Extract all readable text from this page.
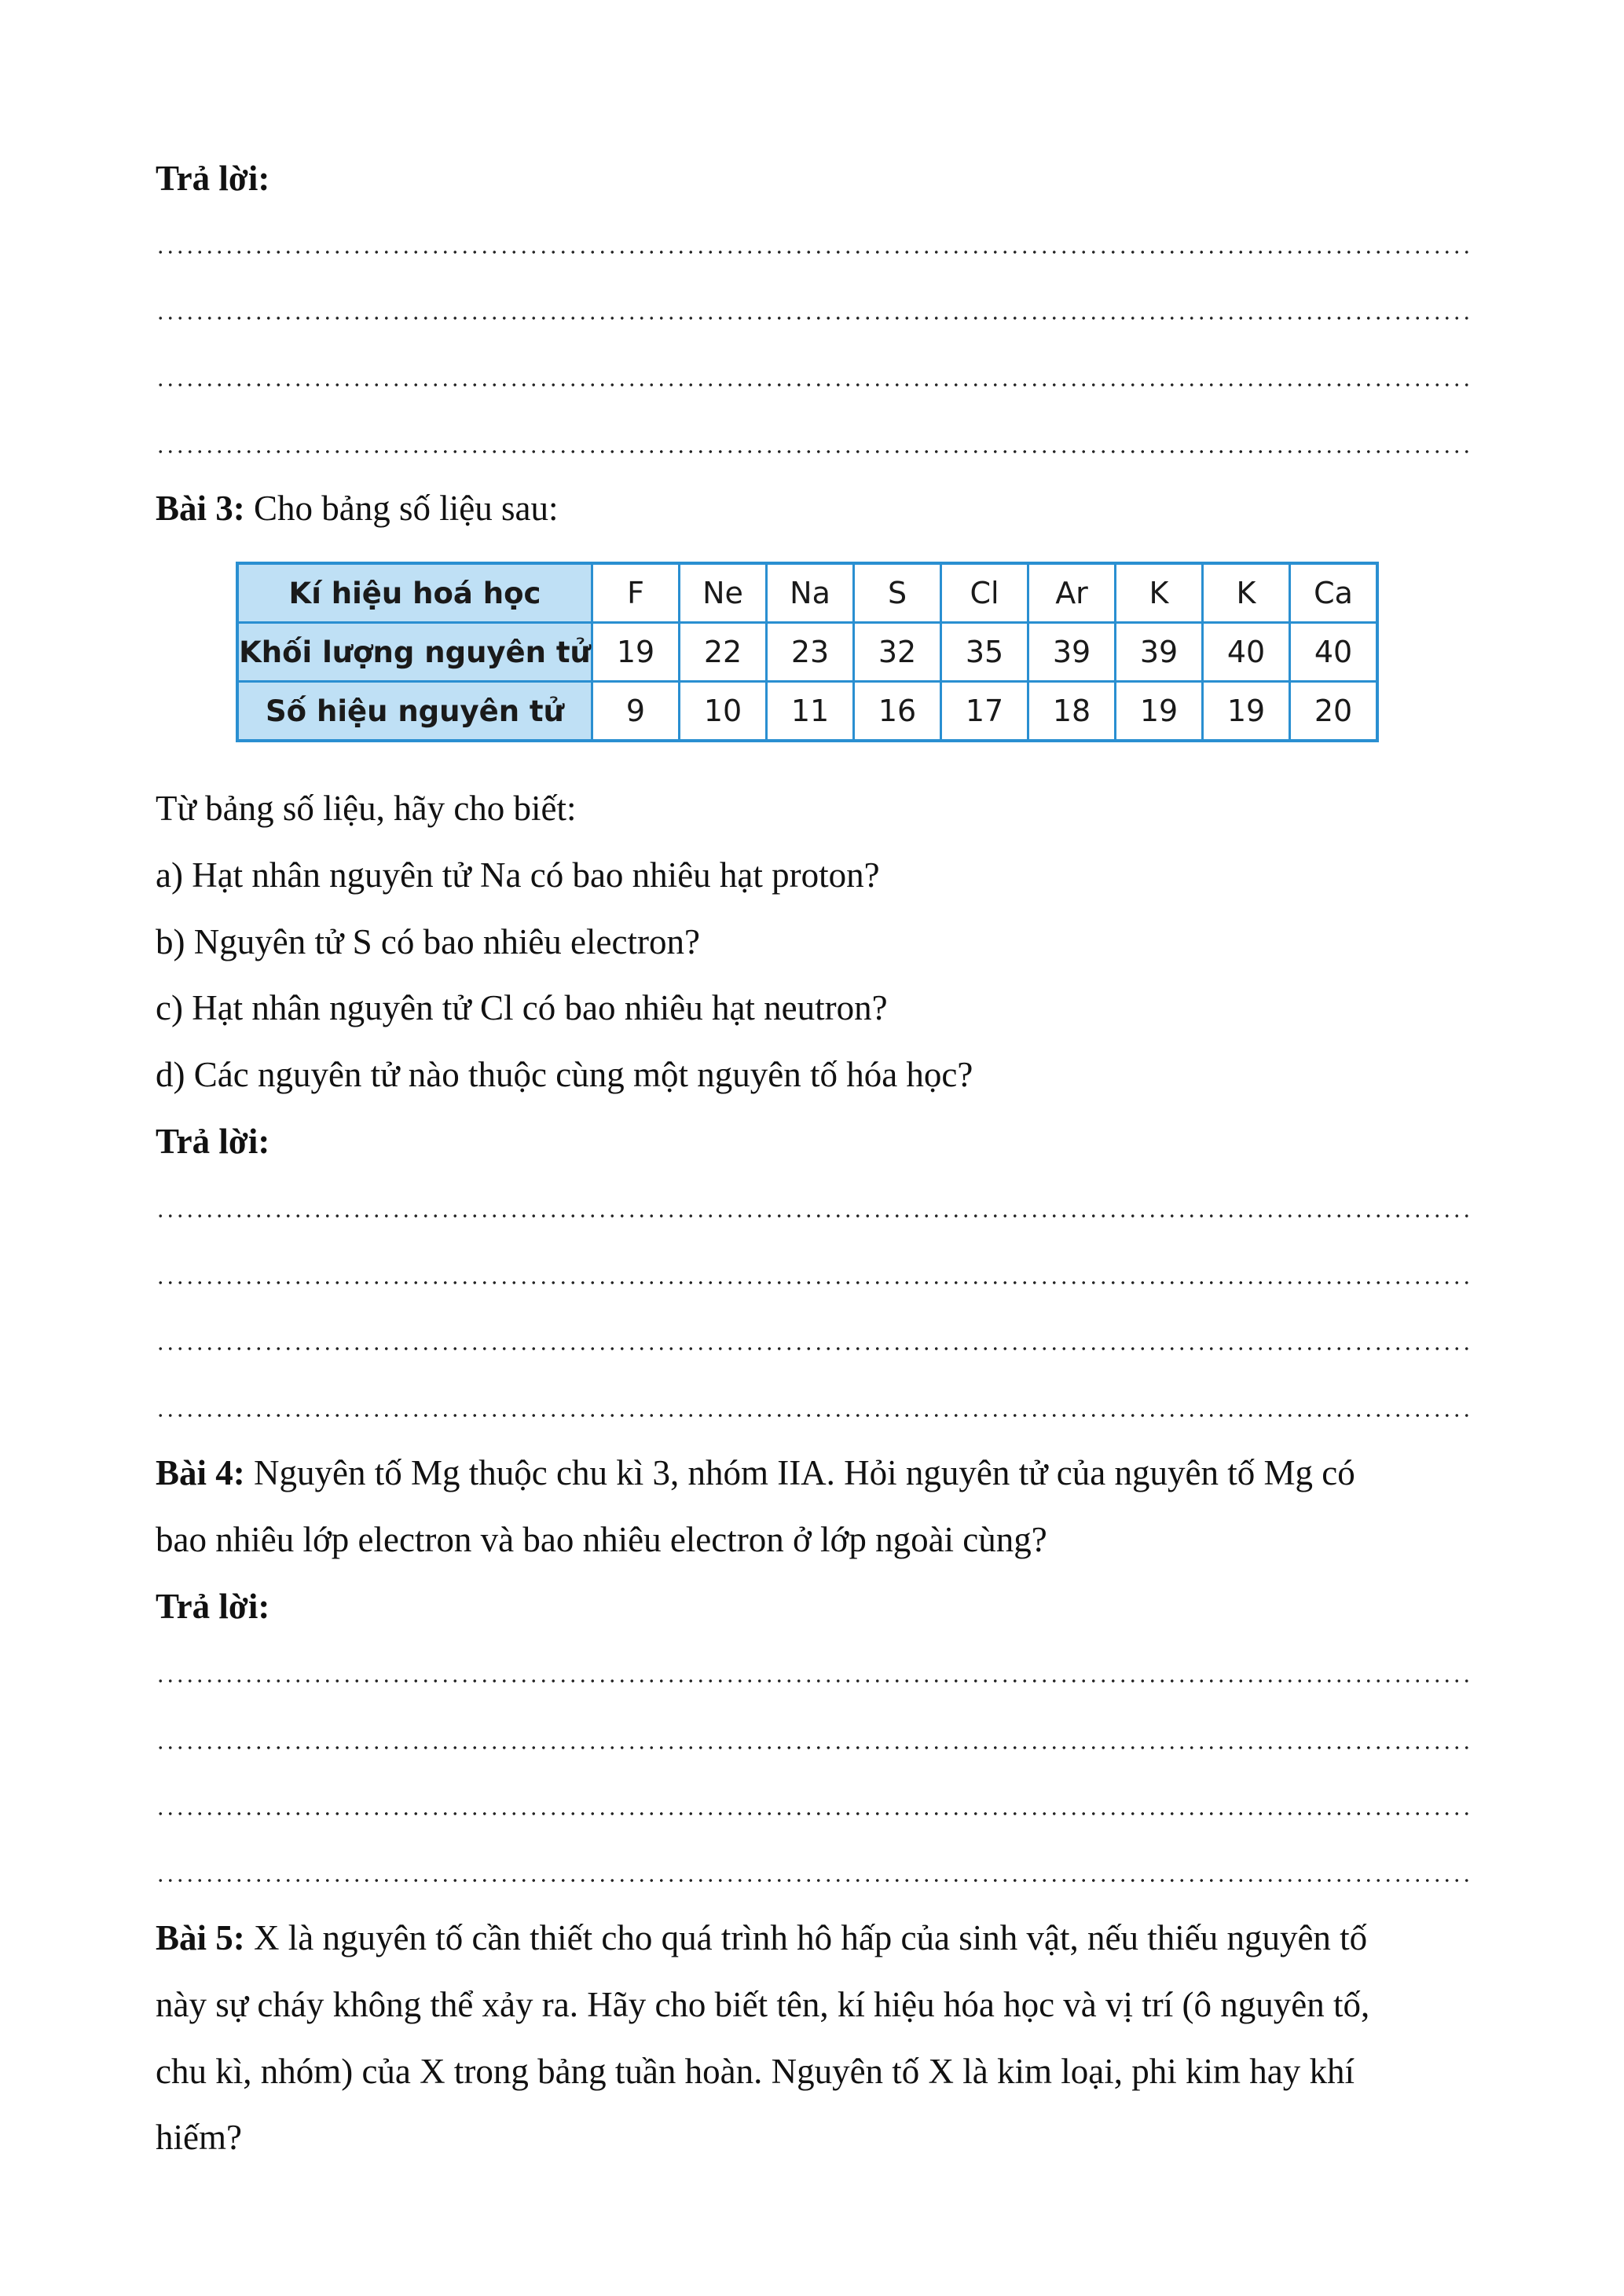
Trả lời:
Bài 3: Cho bảng số liệu sau:
Kí hiệu hoá học	F	Ne	Na	S	Cl	Ar	K	K	Ca
Khối lượng nguyên tử	19	22	23	32	35	39	39	40	40
Số hiệu nguyên tử	9	10	11	16	17	18	19	19	20
Từ bảng số liệu, hãy cho biết:
a) Hạt nhân nguyên tử Na có bao nhiêu hạt proton?
b) Nguyên tử S có bao nhiêu electron?
c) Hạt nhân nguyên tử Cl có bao nhiêu hạt neutron?
d) Các nguyên tử nào thuộc cùng một nguyên tố hóa học?
Trả lời:
Bài 4: Nguyên tố Mg thuộc chu kì 3, nhóm IIA. Hỏi nguyên tử của nguyên tố Mg có
bao nhiêu lớp electron và bao nhiêu electron ở lớp ngoài cùng?
Trả lời:
Bài 5: X là nguyên tố cần thiết cho quá trình hô hấp của sinh vật, nếu thiếu nguyên tố
này sự cháy không thể xảy ra. Hãy cho biết tên, kí hiệu hóa học và vị trí (ô nguyên tố,
chu kì, nhóm) của X trong bảng tuần hoàn. Nguyên tố X là kim loại, phi kim hay khí
hiếm?
